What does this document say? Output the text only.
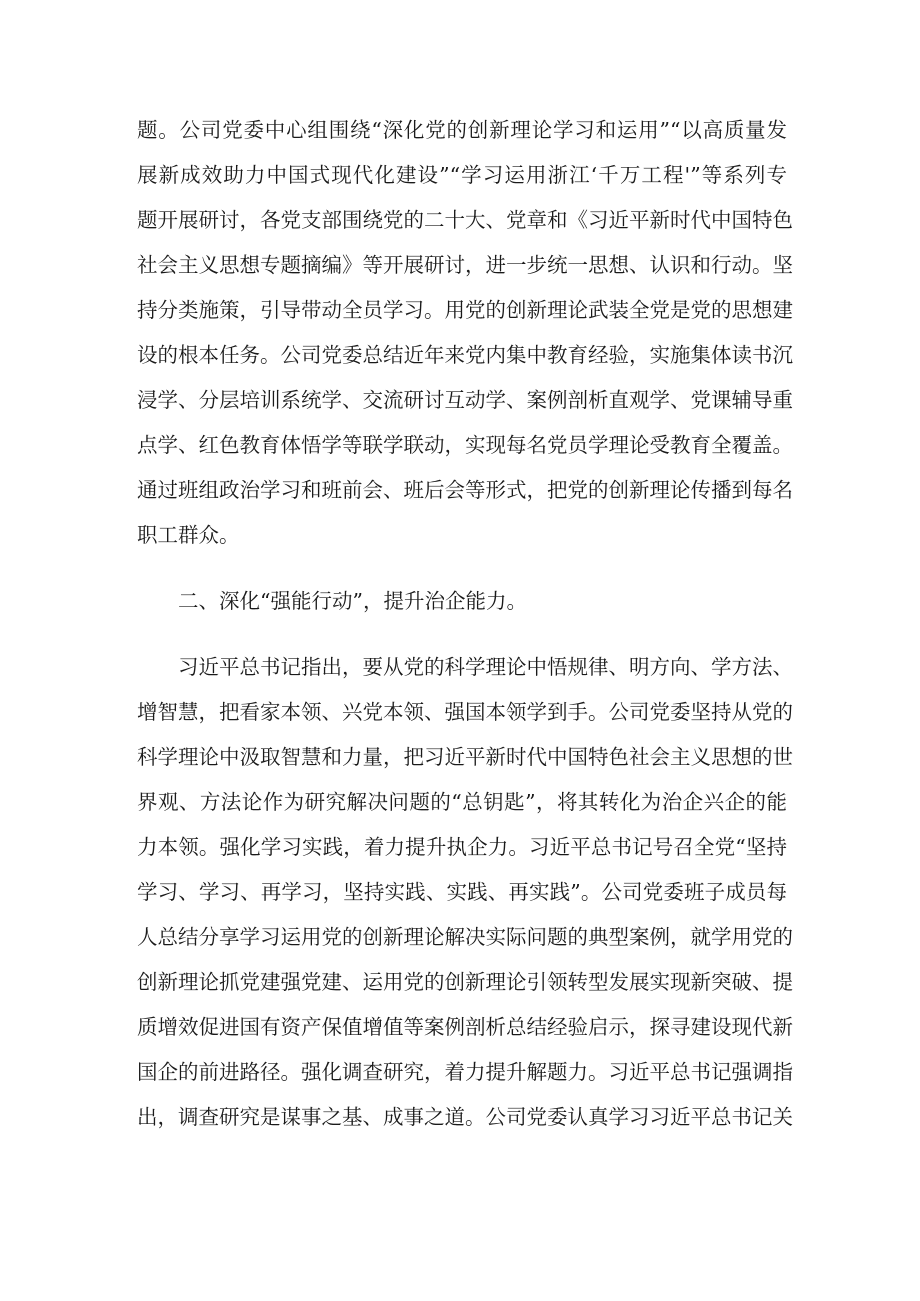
题。公司党委中心组围绕“深化党的创新理论学习和运用”“以高质量发

展新成效助力中国式现代化建设”“学习运用浙江‘千万工程'”等系列专

题开展研讨，各党支部围绕党的二十大、党章和《习近平新时代中国特色

社会主义思想专题摘编》等开展研讨，进一步统一思想、认识和行动。坚

持分类施策，引导带动全员学习。用党的创新理论武装全党是党的思想建

设的根本任务。公司党委总结近年来党内集中教育经验，实施集体读书沉

浸学、分层培训系统学、交流研讨互动学、案例剖析直观学、党课辅导重

点学、红色教育体悟学等联学联动，实现每名党员学理论受教育全覆盖。

通过班组政治学习和班前会、班后会等形式，把党的创新理论传播到每名

职工群众。

二、深化“强能行动”，提升治企能力。

习近平总书记指出，要从党的科学理论中悟规律、明方向、学方法、

增智慧，把看家本领、兴党本领、强国本领学到手。公司党委坚持从党的

科学理论中汲取智慧和力量，把习近平新时代中国特色社会主义思想的世

界观、方法论作为研究解决问题的“总钥匙”，将其转化为治企兴企的能

力本领。强化学习实践，着力提升执企力。习近平总书记号召全党“坚持

学习、学习、再学习，坚持实践、实践、再实践”。公司党委班子成员每

人总结分享学习运用党的创新理论解决实际问题的典型案例，就学用党的

创新理论抓党建强党建、运用党的创新理论引领转型发展实现新突破、提

质增效促进国有资产保值增值等案例剖析总结经验启示，探寻建设现代新

国企的前进路径。强化调查研究，着力提升解题力。习近平总书记强调指

出，调查研究是谋事之基、成事之道。公司党委认真学习习近平总书记关
